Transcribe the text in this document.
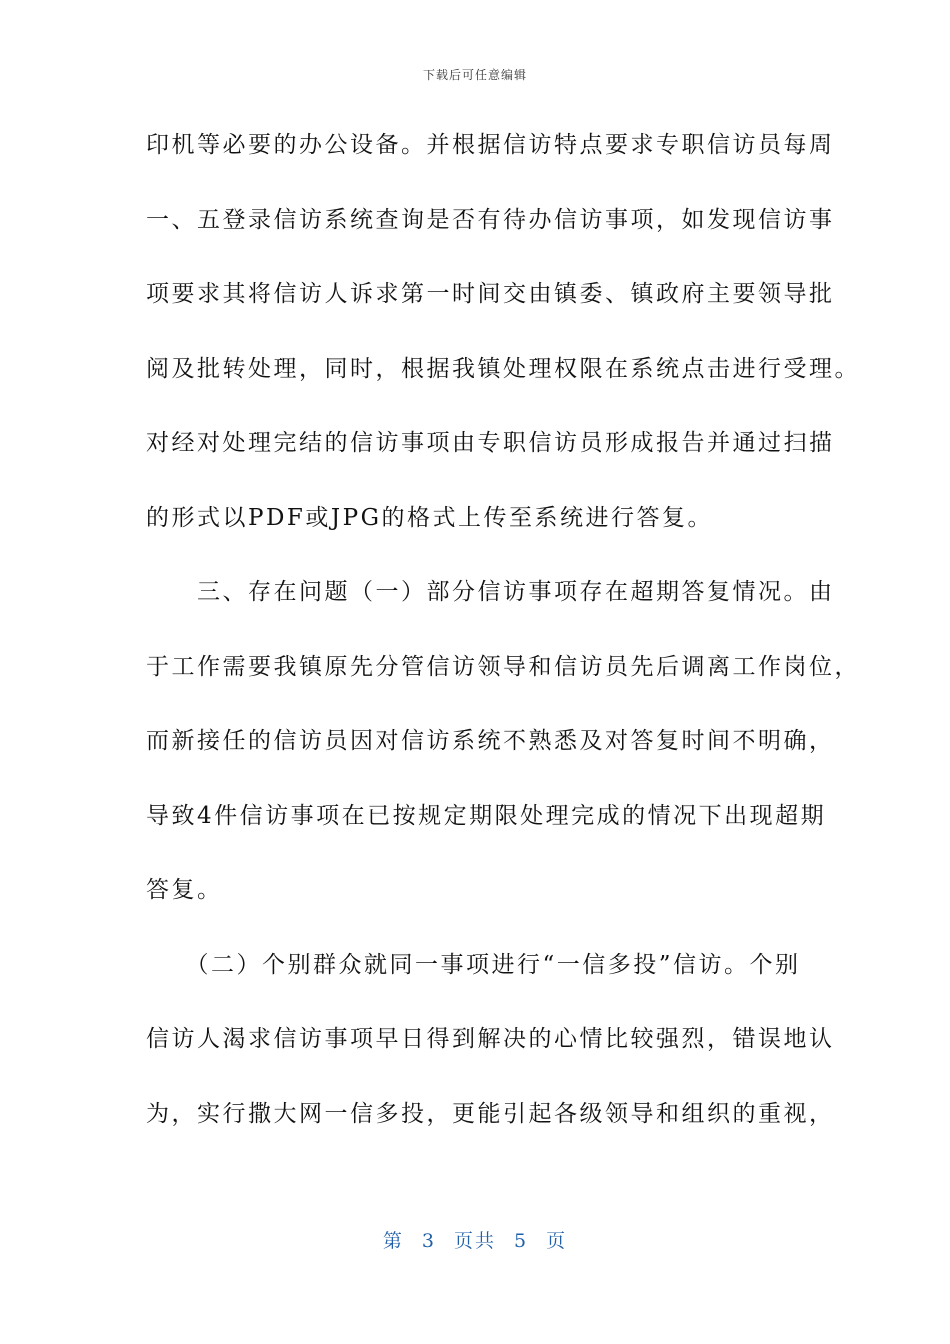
下载后可任意编辑
印机等必要的办公设备。并根据信访特点要求专职信访员每周
一、五登录信访系统查询是否有待办信访事项，如发现信访事
项要求其将信访人诉求第一时间交由镇委、镇政府主要领导批
阅及批转处理，同时，根据我镇处理权限在系统点击进行受理。
对经对处理完结的信访事项由专职信访员形成报告并通过扫描
的形式以PDF或JPG的格式上传至系统进行答复。
　　三、存在问题（一）部分信访事项存在超期答复情况。由
于工作需要我镇原先分管信访领导和信访员先后调离工作岗位，
而新接任的信访员因对信访系统不熟悉及对答复时间不明确，
导致4件信访事项在已按规定期限处理完成的情况下出现超期
答复。
　　（二）个别群众就同一事项进行“一信多投”信访。个别
信访人渴求信访事项早日得到解决的心情比较强烈，错误地认
为，实行撒大网一信多投，更能引起各级领导和组织的重视，
第 3 页共 5 页
